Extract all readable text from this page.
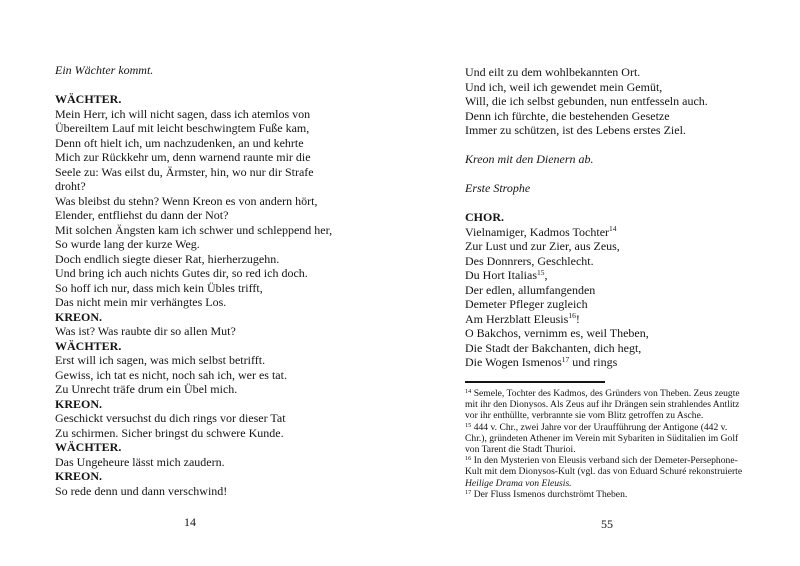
Ein Wächter kommt.
WÄCHTER.
Mein Herr, ich will nicht sagen, dass ich atemlos von
Übereiltem Lauf mit leicht beschwingtem Fuße kam,
Denn oft hielt ich, um nachzudenken, an und kehrte
Mich zur Rückkehr um, denn warnend raunte mir die
Seele zu: Was eilst du, Ärmster, hin, wo nur dir Strafe
droht?
Was bleibst du stehn? Wenn Kreon es von andern hört,
Elender, entfliehst du dann der Not?
Mit solchen Ängsten kam ich schwer und schleppend her,
So wurde lang der kurze Weg.
Doch endlich siegte dieser Rat, hierherzugehn.
Und bring ich auch nichts Gutes dir, so red ich doch.
So hoff ich nur, dass mich kein Übles trifft,
Das nicht mein mir verhängtes Los.
KREON.
Was ist? Was raubte dir so allen Mut?
WÄCHTER.
Erst will ich sagen, was mich selbst betrifft.
Gewiss, ich tat es nicht, noch sah ich, wer es tat.
Zu Unrecht träfe drum ein Übel mich.
KREON.
Geschickt versuchst du dich rings vor dieser Tat
Zu schirmen. Sicher bringst du schwere Kunde.
WÄCHTER.
Das Ungeheure lässt mich zaudern.
KREON.
So rede denn und dann verschwind!
14
Und eilt zu dem wohlbekannten Ort.
Und ich, weil ich gewendet mein Gemüt,
Will, die ich selbst gebunden, nun entfesseln auch.
Denn ich fürchte, die bestehenden Gesetze
Immer zu schützen, ist des Lebens erstes Ziel.
Kreon mit den Dienern ab.
Erste Strophe
CHOR.
Vielnamiger, Kadmos Tochter$^{14}$
Zur Lust und zur Zier, aus Zeus,
Des Donnrers, Geschlecht.
Du Hort Italias$^{15}$,
Der edlen, allumfangenden
Demeter Pfleger zugleich
Am Herzblatt Eleusis$^{16}$!
O Bakchos, vernimm es, weil Theben,
Die Stadt der Bakchanten, dich hegt,
Die Wogen Ismenos$^{17}$ und rings
$^{14}$ Semele, Tochter des Kadmos, des Gründers von Theben. Zeus zeugte
mit ihr den Dionysos. Als Zeus auf ihr Drängen sein strahlendes Antlitz
vor ihr enthüllte, verbrannte sie vom Blitz getroffen zu Asche.
$^{15}$ 444 v. Chr., zwei Jahre vor der Uraufführung der Antigone (442 v.
Chr.), gründeten Athener im Verein mit Sybariten in Süditalien im Golf
von Tarent die Stadt Thurioi.
$^{16}$ In den Mysterien von Eleusis verband sich der Demeter-Persephone-
Kult mit dem Dionysos-Kult (vgl. das von Eduard Schuré rekonstruierte
Heilige Drama von Eleusis.
$^{17}$ Der Fluss Ismenos durchströmt Theben.
55
